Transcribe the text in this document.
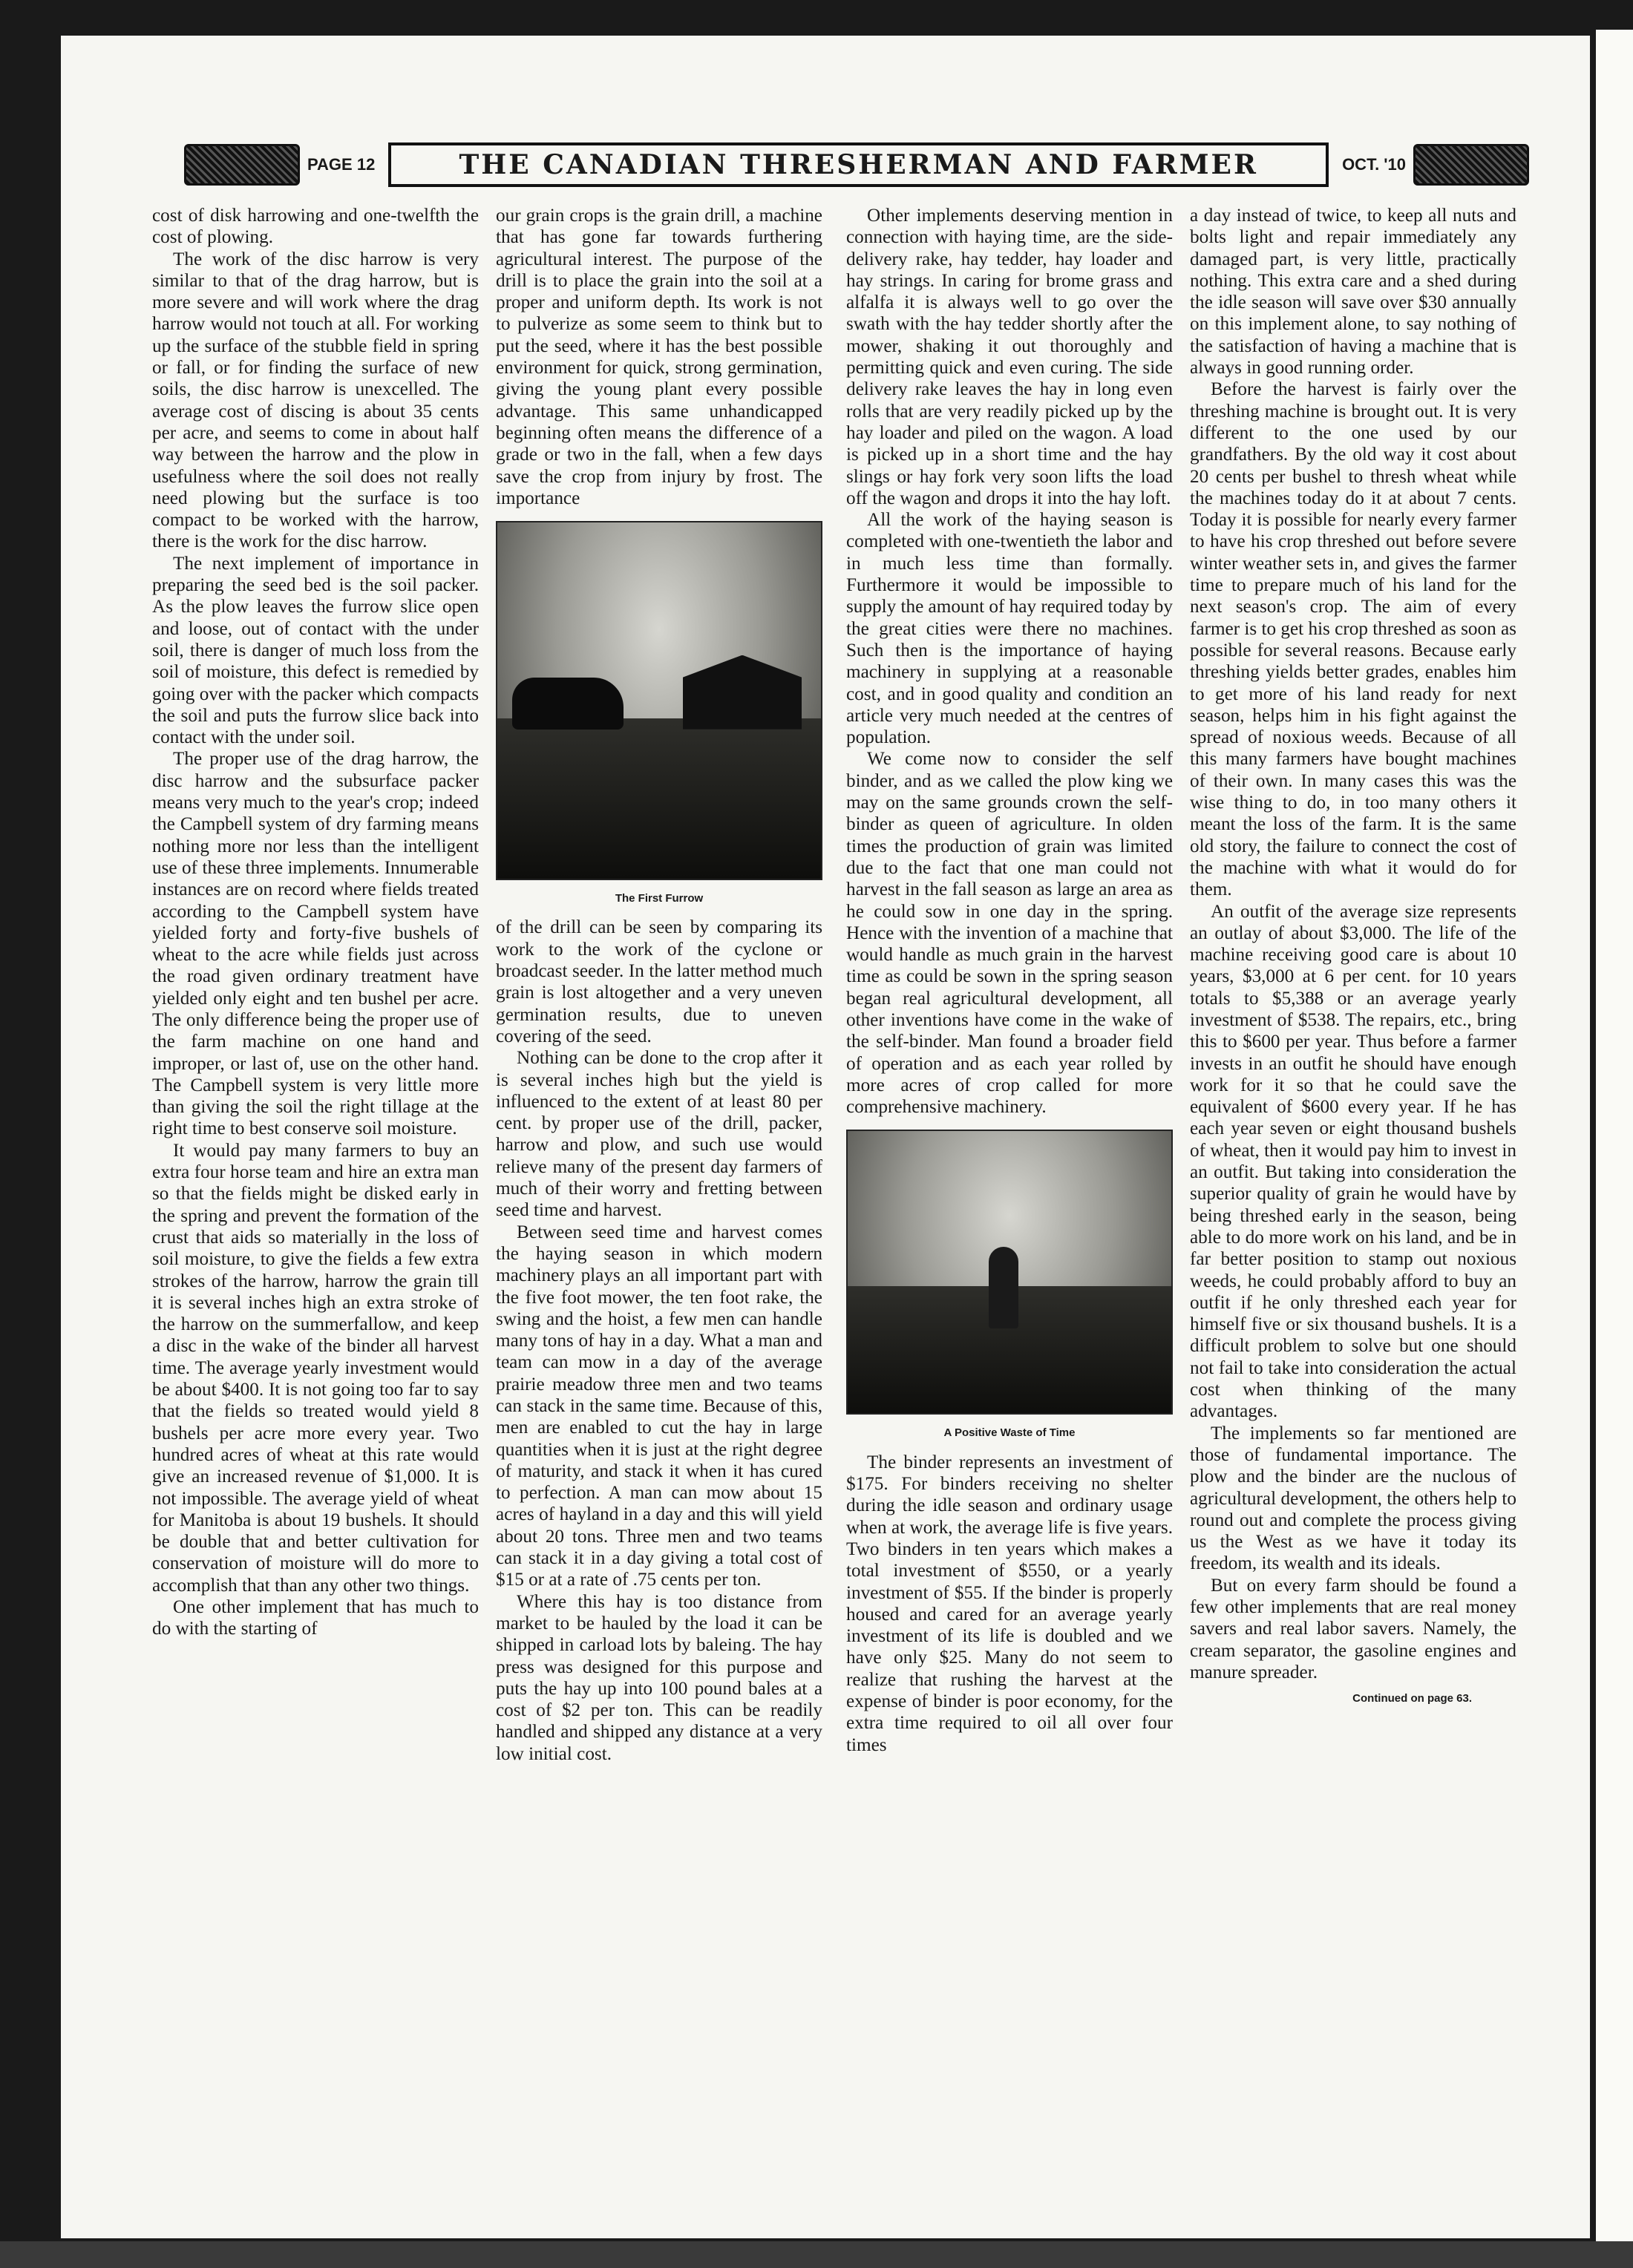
PAGE 12	THE CANADIAN THRESHERMAN AND FARMER	OCT. '10

cost of disk harrowing and one-twelfth the cost of plowing.

The work of the disc harrow is very similar to that of the drag harrow, but is more severe and will work where the drag harrow would not touch at all. For working up the surface of the stubble field in spring or fall, or for finding the surface of new soils, the disc harrow is unexcelled. The average cost of discing is about 35 cents per acre, and seems to come in about half way between the harrow and the plow in usefulness where the soil does not really need plowing but the surface is too compact to be worked with the harrow, there is the work for the disc harrow.

The next implement of importance in preparing the seed bed is the soil packer. As the plow leaves the furrow slice open and loose, out of contact with the under soil, there is danger of much loss from the soil of moisture, this defect is remedied by going over with the packer which compacts the soil and puts the furrow slice back into contact with the under soil.

The proper use of the drag harrow, the disc harrow and the subsurface packer means very much to the year's crop; indeed the Campbell system of dry farming means nothing more nor less than the intelligent use of these three implements. Innumerable instances are on record where fields treated according to the Campbell system have yielded forty and forty-five bushels of wheat to the acre while fields just across the road given ordinary treatment have yielded only eight and ten bushel per acre. The only difference being the proper use of the farm machine on one hand and improper, or last of, use on the other hand. The Campbell system is very little more than giving the soil the right tillage at the right time to best conserve soil moisture.

It would pay many farmers to buy an extra four horse team and hire an extra man so that the fields might be disked early in the spring and prevent the formation of the crust that aids so materially in the loss of soil moisture, to give the fields a few extra strokes of the harrow, harrow the grain till it is several inches high an extra stroke of the harrow on the summerfallow, and keep a disc in the wake of the binder all harvest time. The average yearly investment would be about $400. It is not going too far to say that the fields so treated would yield 8 bushels per acre more every year. Two hundred acres of wheat at this rate would give an increased revenue of $1,000. It is not impossible. The average yield of wheat for Manitoba is about 19 bushels. It should be double that and better cultivation for conservation of moisture will do more to accomplish that than any other two things.

One other implement that has much to do with the starting of

our grain crops is the grain drill, a machine that has gone far towards furthering agricultural interest. The purpose of the drill is to place the grain into the soil at a proper and uniform depth. Its work is not to pulverize as some seem to think but to put the seed, where it has the best possible environment for quick, strong germination, giving the young plant every possible advantage. This same unhandicapped beginning often means the difference of a grade or two in the fall, when a few days save the crop from injury by frost. The importance

The First Furrow

of the drill can be seen by comparing its work to the work of the cyclone or broadcast seeder. In the latter method much grain is lost altogether and a very uneven germination results, due to uneven covering of the seed.

Nothing can be done to the crop after it is several inches high but the yield is influenced to the extent of at least 80 per cent. by proper use of the drill, packer, harrow and plow, and such use would relieve many of the present day farmers of much of their worry and fretting between seed time and harvest.

Between seed time and harvest comes the haying season in which modern machinery plays an all important part with the five foot mower, the ten foot rake, the swing and the hoist, a few men can handle many tons of hay in a day. What a man and team can mow in a day of the average prairie meadow three men and two teams can stack in the same time. Because of this, men are enabled to cut the hay in large quantities when it is just at the right degree of maturity, and stack it when it has cured to perfection. A man can mow about 15 acres of hayland in a day and this will yield about 20 tons. Three men and two teams can stack it in a day giving a total cost of $15 or at a rate of .75 cents per ton.

Where this hay is too distance from market to be hauled by the load it can be shipped in carload lots by baleing. The hay press was designed for this purpose and puts the hay up into 100 pound bales at a cost of $2 per ton. This can be readily handled and shipped any distance at a very low initial cost.

Other implements deserving mention in connection with haying time, are the side-delivery rake, hay tedder, hay loader and hay strings. In caring for brome grass and alfalfa it is always well to go over the swath with the hay tedder shortly after the mower, shaking it out thoroughly and permitting quick and even curing. The side delivery rake leaves the hay in long even rolls that are very readily picked up by the hay loader and piled on the wagon. A load is picked up in a short time and the hay slings or hay fork very soon lifts the load off the wagon and drops it into the hay loft.

All the work of the haying season is completed with one-twentieth the labor and in much less time than formally. Furthermore it would be impossible to supply the amount of hay required today by the great cities were there no machines. Such then is the importance of haying machinery in supplying at a reasonable cost, and in good quality and condition an article very much needed at the centres of population.

We come now to consider the self binder, and as we called the plow king we may on the same grounds crown the self-binder as queen of agriculture. In olden times the production of grain was limited due to the fact that one man could not harvest in the fall season as large an area as he could sow in one day in the spring. Hence with the invention of a machine that would handle as much grain in the harvest time as could be sown in the spring season began real agricultural development, all other inventions have come in the wake of the self-binder. Man found a broader field of operation and as each year rolled by more acres of crop called for more comprehensive machinery.

A Positive Waste of Time

The binder represents an investment of $175. For binders receiving no shelter during the idle season and ordinary usage when at work, the average life is five years. Two binders in ten years which makes a total investment of $550, or a yearly investment of $55. If the binder is properly housed and cared for an average yearly investment of its life is doubled and we have only $25. Many do not seem to realize that rushing the harvest at the expense of binder is poor economy, for the extra time required to oil all over four times

a day instead of twice, to keep all nuts and bolts light and repair immediately any damaged part, is very little, practically nothing. This extra care and a shed during the idle season will save over $30 annually on this implement alone, to say nothing of the satisfaction of having a machine that is always in good running order.

Before the harvest is fairly over the threshing machine is brought out. It is very different to the one used by our grandfathers. By the old way it cost about 20 cents per bushel to thresh wheat while the machines today do it at about 7 cents. Today it is possible for nearly every farmer to have his crop threshed out before severe winter weather sets in, and gives the farmer time to prepare much of his land for the next season's crop. The aim of every farmer is to get his crop threshed as soon as possible for several reasons. Because early threshing yields better grades, enables him to get more of his land ready for next season, helps him in his fight against the spread of noxious weeds. Because of all this many farmers have bought machines of their own. In many cases this was the wise thing to do, in too many others it meant the loss of the farm. It is the same old story, the failure to connect the cost of the machine with what it would do for them.

An outfit of the average size represents an outlay of about $3,000. The life of the machine receiving good care is about 10 years, $3,000 at 6 per cent. for 10 years totals to $5,388 or an average yearly investment of $538. The repairs, etc., bring this to $600 per year. Thus before a farmer invests in an outfit he should have enough work for it so that he could save the equivalent of $600 every year. If he has each year seven or eight thousand bushels of wheat, then it would pay him to invest in an outfit. But taking into consideration the superior quality of grain he would have by being threshed early in the season, being able to do more work on his land, and be in far better position to stamp out noxious weeds, he could probably afford to buy an outfit if he only threshed each year for himself five or six thousand bushels. It is a difficult problem to solve but one should not fail to take into consideration the actual cost when thinking of the many advantages.

The implements so far mentioned are those of fundamental importance. The plow and the binder are the nuclous of agricultural development, the others help to round out and complete the process giving us the West as we have it today its freedom, its wealth and its ideals.

But on every farm should be found a few other implements that are real money savers and real labor savers. Namely, the cream separator, the gasoline engines and manure spreader.

Continued on page 63.
